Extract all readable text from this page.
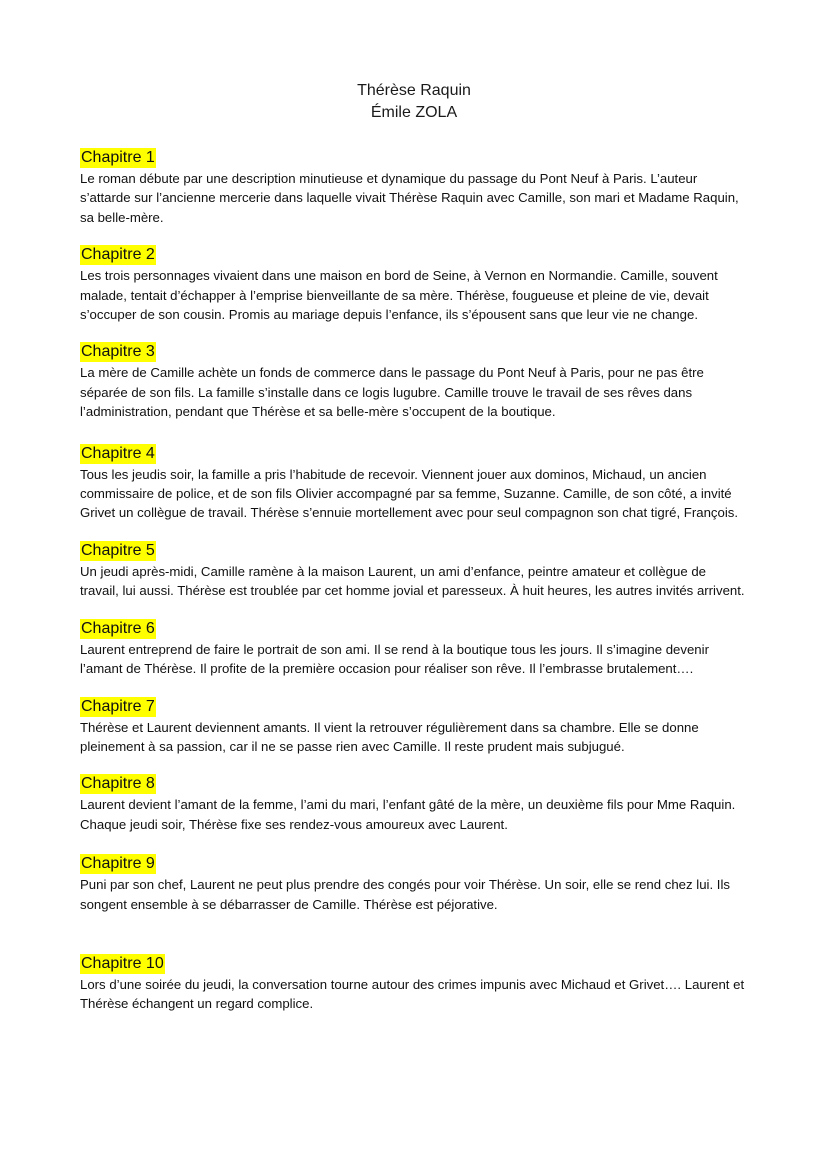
Thérèse Raquin
Émile ZOLA
Chapitre 1

Le roman débute par une description minutieuse et dynamique du passage du Pont Neuf à Paris. L’auteur s’attarde sur l’ancienne mercerie dans laquelle vivait Thérèse Raquin avec Camille, son mari et Madame Raquin, sa belle-mère.

Chapitre 2

Les trois personnages vivaient dans une maison en bord de Seine, à Vernon en Normandie. Camille, souvent malade, tentait d’échapper à l’emprise bienveillante de sa mère. Thérèse, fougueuse et pleine de vie, devait s’occuper de son cousin. Promis au mariage depuis l’enfance, ils s’épousent sans que leur vie ne change.

Chapitre 3

La mère de Camille achète un fonds de commerce dans le passage du Pont Neuf à Paris, pour ne pas être séparée de son fils. La famille s’installe dans ce logis lugubre. Camille trouve le travail de ses rêves dans l’administration, pendant que Thérèse et sa belle-mère s’occupent de la boutique.

Chapitre 4

Tous les jeudis soir, la famille a pris l’habitude de recevoir. Viennent jouer aux dominos, Michaud, un ancien commissaire de police, et de son fils Olivier accompagné par sa femme, Suzanne. Camille, de son côté, a invité Grivet un collègue de travail. Thérèse s’ennuie mortellement avec pour seul compagnon son chat tigré, François.

Chapitre 5

Un jeudi après-midi, Camille ramène à la maison Laurent, un ami d’enfance, peintre amateur et collègue de travail, lui aussi. Thérèse est troublée par cet homme jovial et paresseux. À huit heures, les autres invités arrivent.

Chapitre 6

Laurent entreprend de faire le portrait de son ami. Il se rend à la boutique tous les jours. Il s’imagine devenir l’amant de Thérèse. Il profite de la première occasion pour réaliser son rêve. Il l’embrasse brutalement….

Chapitre 7

Thérèse et Laurent deviennent amants. Il vient la retrouver régulièrement dans sa chambre. Elle se donne pleinement à sa passion, car il ne se passe rien avec Camille. Il reste prudent mais subjugué.

Chapitre 8

Laurent devient l’amant de la femme, l’ami du mari, l’enfant gâté de la mère, un deuxième fils pour Mme Raquin. Chaque jeudi soir, Thérèse fixe ses rendez-vous amoureux avec Laurent.

Chapitre 9

Puni par son chef, Laurent ne peut plus prendre des congés pour voir Thérèse. Un soir, elle se rend chez lui. Ils songent ensemble à se débarrasser de Camille. Thérèse est péjorative.

Chapitre 10

Lors d’une soirée du jeudi, la conversation tourne autour des crimes impunis avec Michaud et Grivet…. Laurent et Thérèse échangent un regard complice.
